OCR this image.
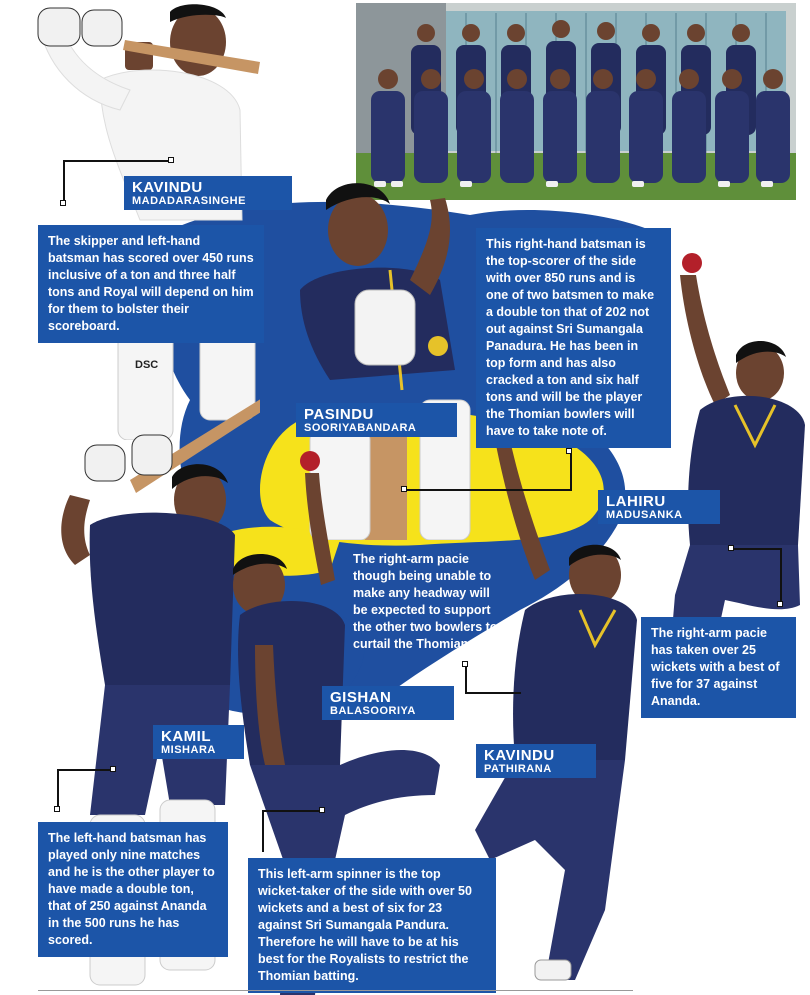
DSC
KAVINDU
MADADARASINGHE
PASINDU
SOORIYABANDARA
LAHIRU
MADUSANKA
GISHAN
BALASOORIYA
KAMIL
MISHARA	KAVINDU
PATHIRANA
The skipper and left-hand batsman has scored over 450 runs inclusive of a ton and three half tons and Royal will depend on him for them to bolster their scoreboard.
This right-hand batsman is the top-scorer of the side with over 850 runs and is one of two batsmen to make a double ton that of 202 not out against Sri Sumangala Panadura. He has been in top form and has also cracked a ton and six half tons and will be the player the Thomian bowlers will have to take note of.
The right-arm pacie has taken over 25 wickets with a best of five for 37 against Ananda.
The right-arm pacie though being unable to make any headway will be expected to support the other two bowlers to curtail the Thomians.
The left-hand batsman has played only nine matches and he is the other player to have made a double ton, that of 250 against Ananda in the 500 runs he has scored.
This left-arm spinner is the top wicket-taker of the side with over 50 wickets and a best of six for 23 against Sri Sumangala Pandura. Therefore he will have to be at his best for the Royalists to restrict the Thomian batting.
